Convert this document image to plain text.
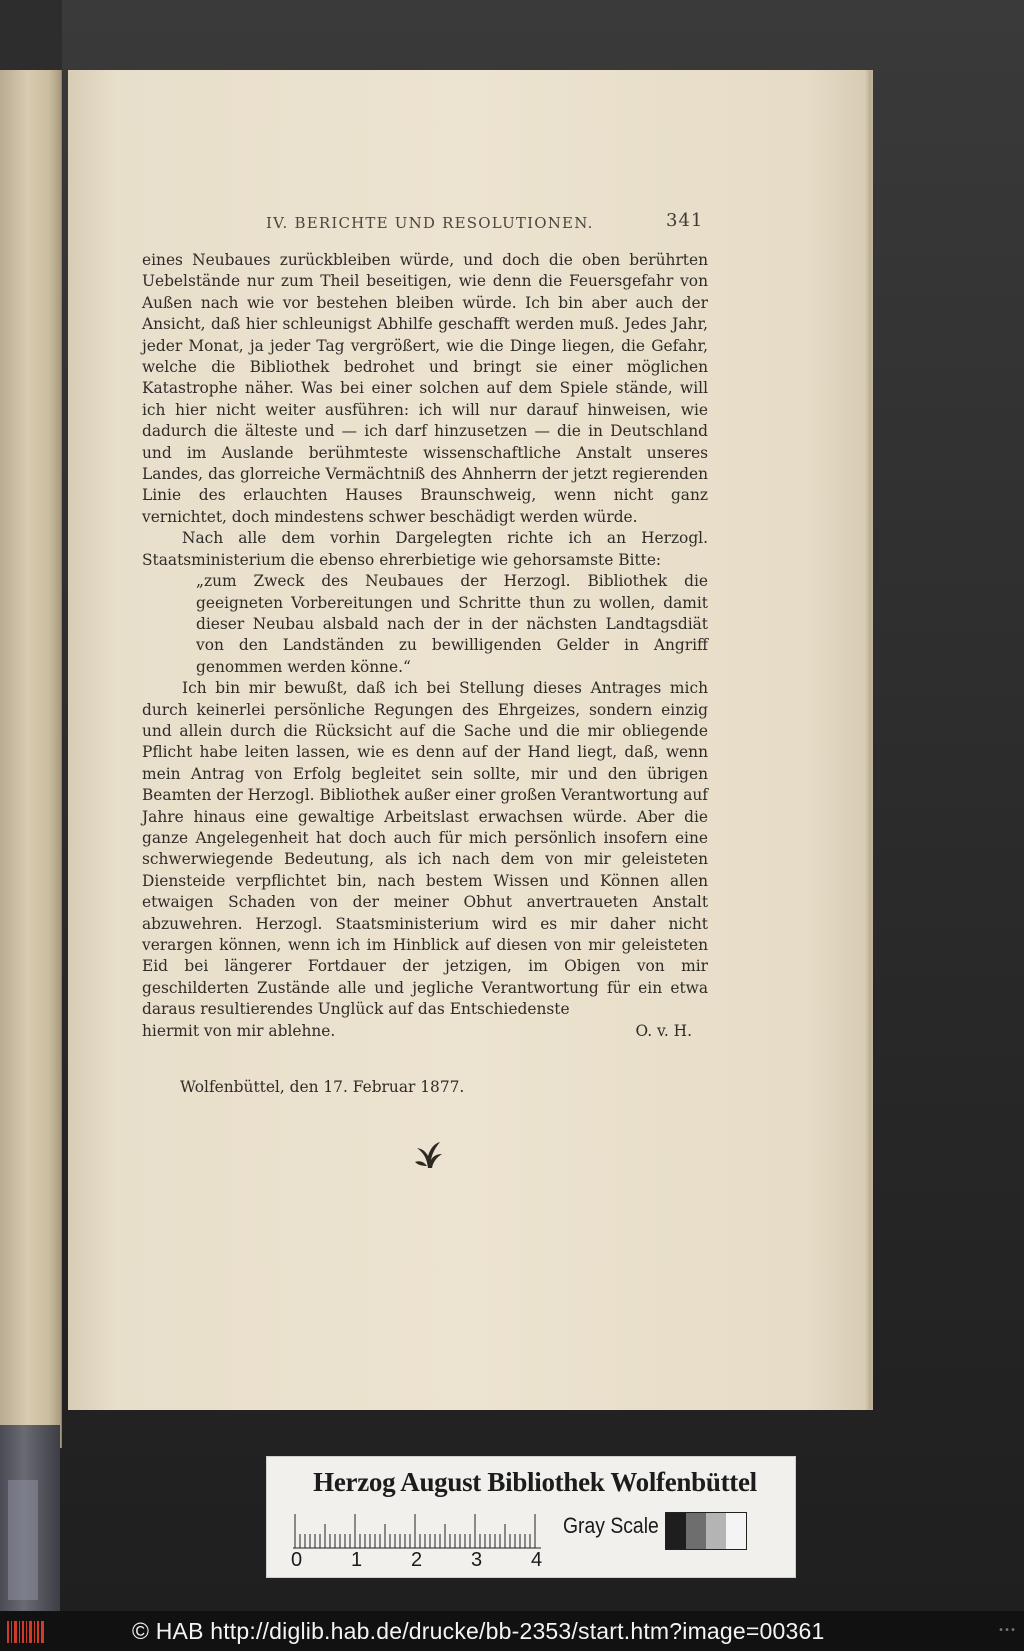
IV. BERICHTE UND RESOLUTIONEN.	341

eines Neubaues zurückbleiben würde, und doch die oben berührten Uebelstände nur zum Theil beseitigen, wie denn die Feuersgefahr von Außen nach wie vor bestehen bleiben würde. Ich bin aber auch der Ansicht, daß hier schleunigst Abhilfe geschafft werden muß. Jedes Jahr, jeder Monat, ja jeder Tag vergrößert, wie die Dinge liegen, die Gefahr, welche die Bibliothek bedrohet und bringt sie einer möglichen Katastrophe näher. Was bei einer solchen auf dem Spiele stände, will ich hier nicht weiter ausführen: ich will nur darauf hinweisen, wie dadurch die älteste und — ich darf hinzusetzen — die in Deutschland und im Auslande berühmteste wissenschaftliche Anstalt unseres Landes, das glorreiche Vermächtniß des Ahnherrn der jetzt regierenden Linie des erlauchten Hauses Braunschweig, wenn nicht ganz vernichtet, doch mindestens schwer beschädigt werden würde.

Nach alle dem vorhin Dargelegten richte ich an Herzogl. Staatsministerium die ebenso ehrerbietige wie gehorsamste Bitte:

„zum Zweck des Neubaues der Herzogl. Bibliothek die geeigneten Vorbereitungen und Schritte thun zu wollen, damit dieser Neubau alsbald nach der in der nächsten Landtagsdiät von den Landständen zu bewilligenden Gelder in Angriff genommen werden könne.“

Ich bin mir bewußt, daß ich bei Stellung dieses Antrages mich durch keinerlei persönliche Regungen des Ehrgeizes, sondern einzig und allein durch die Rücksicht auf die Sache und die mir obliegende Pflicht habe leiten lassen, wie es denn auf der Hand liegt, daß, wenn mein Antrag von Erfolg begleitet sein sollte, mir und den übrigen Beamten der Herzogl. Bibliothek außer einer großen Verantwortung auf Jahre hinaus eine gewaltige Arbeitslast erwachsen würde. Aber die ganze Angelegenheit hat doch auch für mich persönlich insofern eine schwerwiegende Bedeutung, als ich nach dem von mir geleisteten Diensteide verpflichtet bin, nach bestem Wissen und Können allen etwaigen Schaden von der meiner Obhut anvertraueten Anstalt abzuwehren. Herzogl. Staatsministerium wird es mir daher nicht verargen können, wenn ich im Hinblick auf diesen von mir geleisteten Eid bei längerer Fortdauer der jetzigen, im Obigen von mir geschilderten Zustände alle und jegliche Verantwortung für ein etwa daraus resultierendes Unglück auf das Entschiedenste

hiermit von mir ablehne.	O. v. H.
Wolfenbüttel, den 17. Februar 1877.
Herzog August Bibliothek Wolfenbüttel
0 1 2 3 4
Gray Scale
© HAB http://diglib.hab.de/drucke/bb-2353/start.htm?image=00361	•••
